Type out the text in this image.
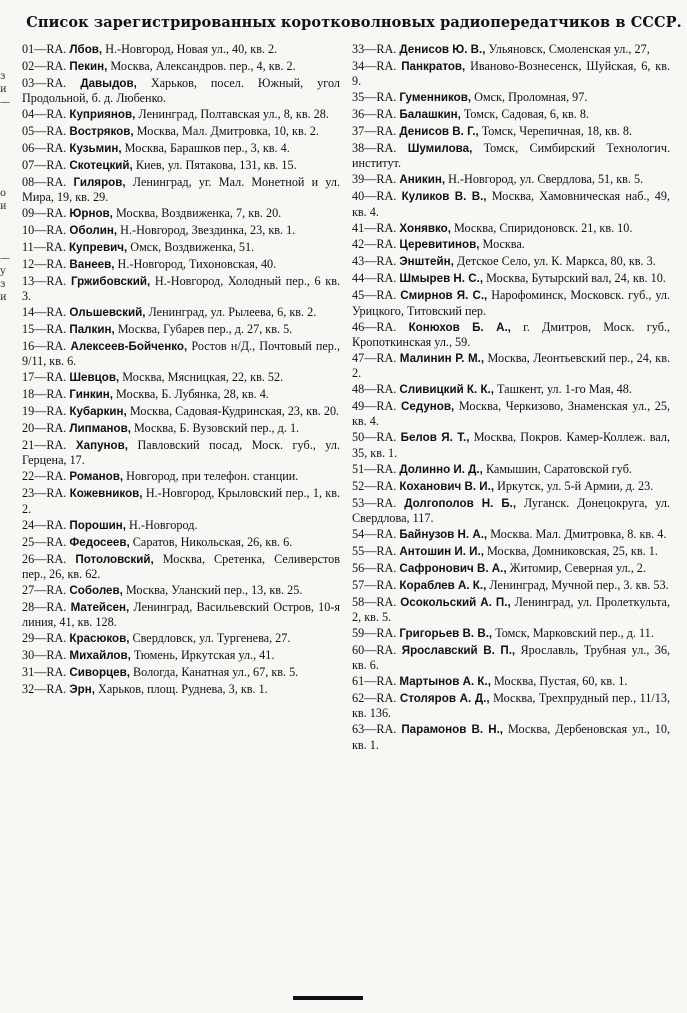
Список зарегистрированных коротковолновых радиопередатчиков в СССР.
з
и
—

о
и

—
у
з
и
01—RA. Лбов, Н.-Новгород, Новая ул., 40, кв. 2.
02—RA. Пекин, Москва, Александров. пер., 4, кв. 2.
03—RA. Давыдов, Харьков, посел. Южный, угол Продольной, б. д. Любенко.
04—RA. Куприянов, Ленинград, Полтавская ул., 8, кв. 28.
05—RA. Востряков, Москва, Мал. Дмитровка, 10, кв. 2.
06—RA. Кузьмин, Москва, Барашков пер., 3, кв. 4.
07—RA. Скотецкий, Киев, ул. Пятакова, 131, кв. 15.
08—RA. Гиляров, Ленинград, уг. Мал. Монетной и ул. Мира, 19, кв. 29.
09—RA. Юрнов, Москва, Воздвиженка, 7, кв. 20.
10—RA. Оболин, Н.-Новгород, Звездинка, 23, кв. 1.
11—RA. Купревич, Омск, Воздвиженка, 51.
12—RA. Ванеев, Н.-Новгород, Тихоновская, 40.
13—RA. Гржибовский, Н.-Новгород, Холодный пер., 6 кв. 3.
14—RA. Ольшевский, Ленинград, ул. Рылеева, 6, кв. 2.
15—RA. Палкин, Москва, Губарев пер., д. 27, кв. 5.
16—RA. Алексеев-Бойченко, Ростов н/Д., Почтовый пер., 9/11, кв. 6.
17—RA. Шевцов, Москва, Мясницкая, 22, кв. 52.
18—RA. Гинкин, Москва, Б. Лубянка, 28, кв. 4.
19—RA. Кубаркин, Москва, Садовая-Кудринская, 23, кв. 20.
20—RA. Липманов, Москва, Б. Вузовский пер., д. 1.
21—RA. Хапунов, Павловский посад, Моск. губ., ул. Герцена, 17.
22—RA. Романов, Новгород, при телефон. станции.
23—RA. Кожевников, Н.-Новгород, Крыловский пер., 1, кв. 2.
24—RA. Порошин, Н.-Новгород.
25—RA. Федосеев, Саратов, Никольская, 26, кв. 6.
26—RA. Потоловский, Москва, Сретенка, Селиверстов пер., 26, кв. 62.
27—RA. Соболев, Москва, Уланский пер., 13, кв. 25.
28—RA. Матейсен, Ленинград, Васильевский Остров, 10-я линия, 41, кв. 128.
29—RA. Красюков, Свердловск, ул. Тургенева, 27.
30—RA. Михайлов, Тюмень, Иркутская ул., 41.
31—RA. Сиворцев, Вологда, Канатная ул., 67, кв. 5.
32—RA. Эрн, Харьков, площ. Руднева, 3, кв. 1.
33—RA. Денисов Ю. В., Ульяновск, Смоленская ул., 27,
34—RA. Панкратов, Иваново-Вознесенск, Шуйская, 6, кв. 9.
35—RA. Гуменников, Омск, Проломная, 97.
36—RA. Балашкин, Томск, Садовая, 6, кв. 8.
37—RA. Денисов В. Г., Томск, Черепичная, 18, кв. 8.
38—RA. Шумилова, Томск, Симбирский Технологич. институт.
39—RA. Аникин, Н.-Новгород, ул. Свердлова, 51, кв. 5.
40—RA. Куликов В. В., Москва, Хамовническая наб., 49, кв. 4.
41—RA. Хонявко, Москва, Спиридоновск. 21, кв. 10.
42—RA. Церевитинов, Москва.
43—RA. Энштейн, Детское Село, ул. К. Маркса, 80, кв. 3.
44—RA. Шмырев Н. С., Москва, Бутырский вал, 24, кв. 10.
45—RA. Смирнов Я. С., Нарофоминск, Московск. губ., ул. Урицкого, Титовский пер.
46—RA. Конюхов Б. А., г. Дмитров, Моск. губ., Кропоткинская ул., 59.
47—RA. Малинин Р. М., Москва, Леонтьевский пер., 24, кв. 2.
48—RA. Сливицкий К. К., Ташкент, ул. 1-го Мая, 48.
49—RA. Седунов, Москва, Черкизово, Знаменская ул., 25, кв. 4.
50—RA. Белов Я. Т., Москва, Покров. Камер-Коллеж. вал, 35, кв. 1.
51—RA. Долинно И. Д., Камышин, Саратовской губ.
52—RA. Коханович В. И., Иркутск, ул. 5-й Армии, д. 23.
53—RA. Долгополов Н. Б., Луганск. Донецокруга, ул. Свердлова, 117.
54—RA. Байнузов Н. А., Москва. Мал. Дмитровка, 8. кв. 4.
55—RA. Антошин И. И., Москва, Домниковская, 25, кв. 1.
56—RA. Сафронович В. А., Житомир, Северная ул., 2.
57—RA. Кораблев А. К., Ленинград, Мучной пер., 3. кв. 53.
58—RA. Осокольский А. П., Ленинград, ул. Пролеткульта, 2, кв. 5.
59—RA. Григорьев В. В., Томск, Марковский пер., д. 11.
60—RA. Ярославский В. П., Ярославль, Трубная ул., 36, кв. 6.
61—RA. Мартынов А. К., Москва, Пустая, 60, кв. 1.
62—RA. Столяров А. Д., Москва, Трехпрудный пер., 11/13, кв. 136.
63—RA. Парамонов В. Н., Москва, Дербеновская ул., 10, кв. 1.
